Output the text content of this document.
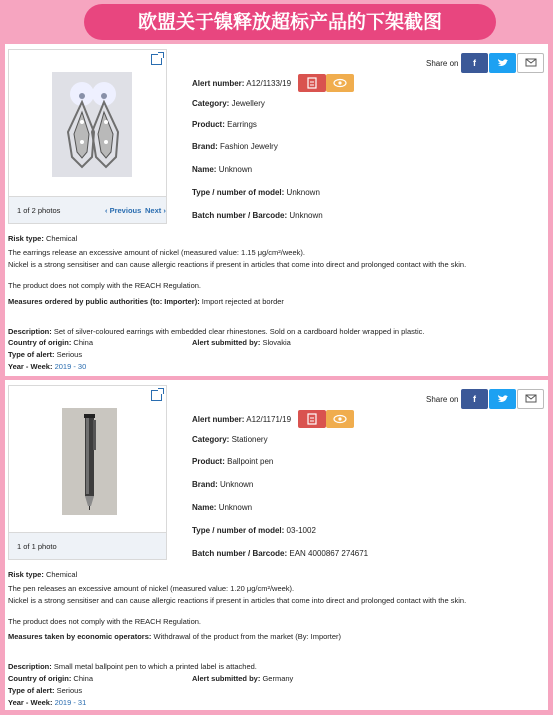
欧盟关于镍释放超标产品的下架截图
1 of 2 photos	‹ Previous Next ›
Alert number: A12/1133/19
Category: Jewellery
Product: Earrings
Brand: Fashion Jewelry
Name: Unknown
Type / number of model: Unknown
Batch number / Barcode: Unknown
Share on	f
Risk type: Chemical
The earrings release an excessive amount of nickel (measured value: 1.15 μg/cm²/week).
Nickel is a strong sensitiser and can cause allergic reactions if present in articles that come into direct and prolonged contact with the skin.
The product does not comply with the REACH Regulation.
Measures ordered by public authorities (to: Importer): Import rejected at border
Description: Set of silver-coloured earrings with embedded clear rhinestones. Sold on a cardboard holder wrapped in plastic.
Country of origin: China	Alert submitted by: Slovakia
Type of alert: Serious
Year - Week: 2019 - 30
1 of 1 photo
Alert number: A12/1171/19
Category: Stationery
Product: Ballpoint pen
Brand: Unknown
Name: Unknown
Type / number of model: 03-1002
Batch number / Barcode: EAN 4000867 274671
Share on	f
Risk type: Chemical
The pen releases an excessive amount of nickel (measured value: 1.20 μg/cm²/week).
Nickel is a strong sensitiser and can cause allergic reactions if present in articles that come into direct and prolonged contact with the skin.
The product does not comply with the REACH Regulation.
Measures taken by economic operators: Withdrawal of the product from the market (By: Importer)
Description: Small metal ballpoint pen to which a printed label is attached.
Country of origin: China	Alert submitted by: Germany
Type of alert: Serious
Year - Week: 2019 - 31
